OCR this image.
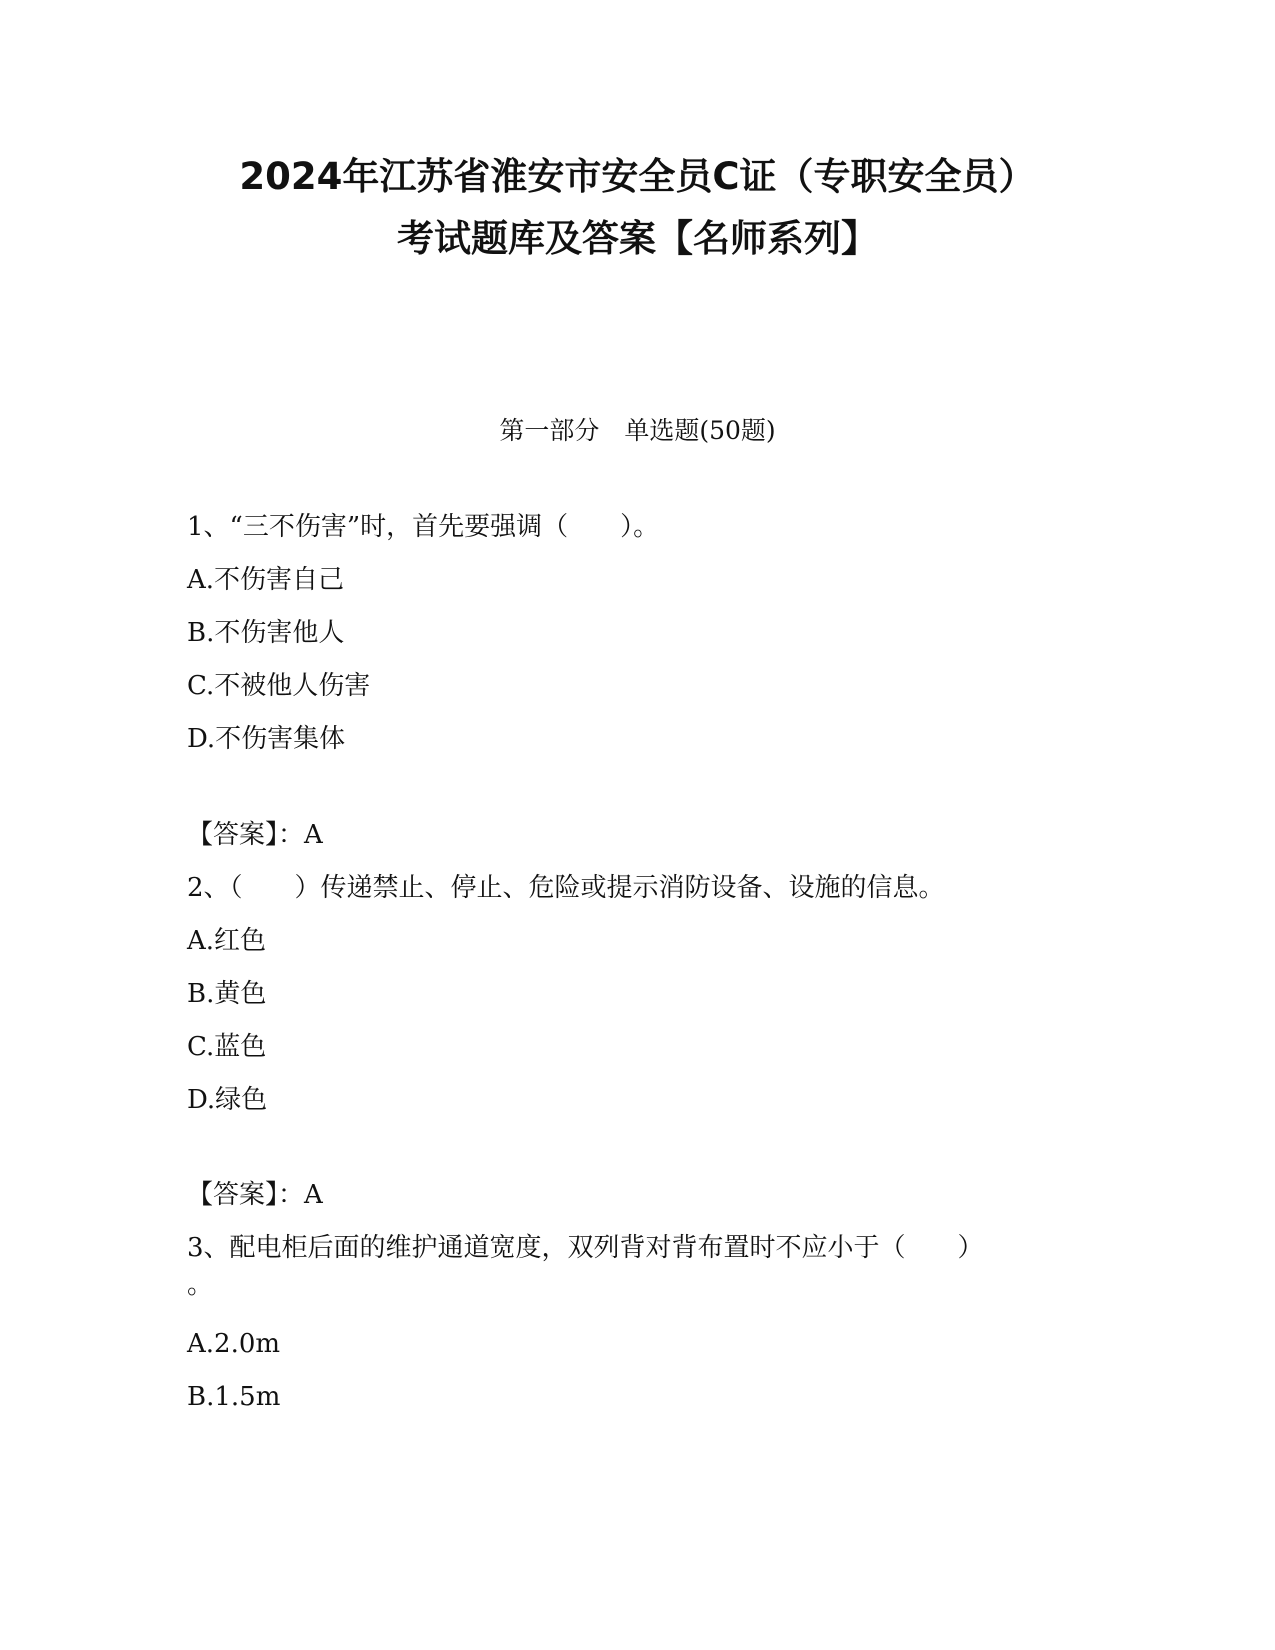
2024年江苏省淮安市安全员C证（专职安全员）
考试题库及答案【名师系列】
第一部分　单选题(50题)
1、“三不伤害”时，首先要强调（　　）。
A.不伤害自己
B.不伤害他人
C.不被他人伤害
D.不伤害集体
【答案】：A
2、（　　）传递禁止、停止、危险或提示消防设备、设施的信息。
A.红色
B.黄色
C.蓝色
D.绿色
【答案】：A
3、配电柜后面的维护通道宽度，双列背对背布置时不应小于（　　）
。
A.2.0m
B.1.5m
